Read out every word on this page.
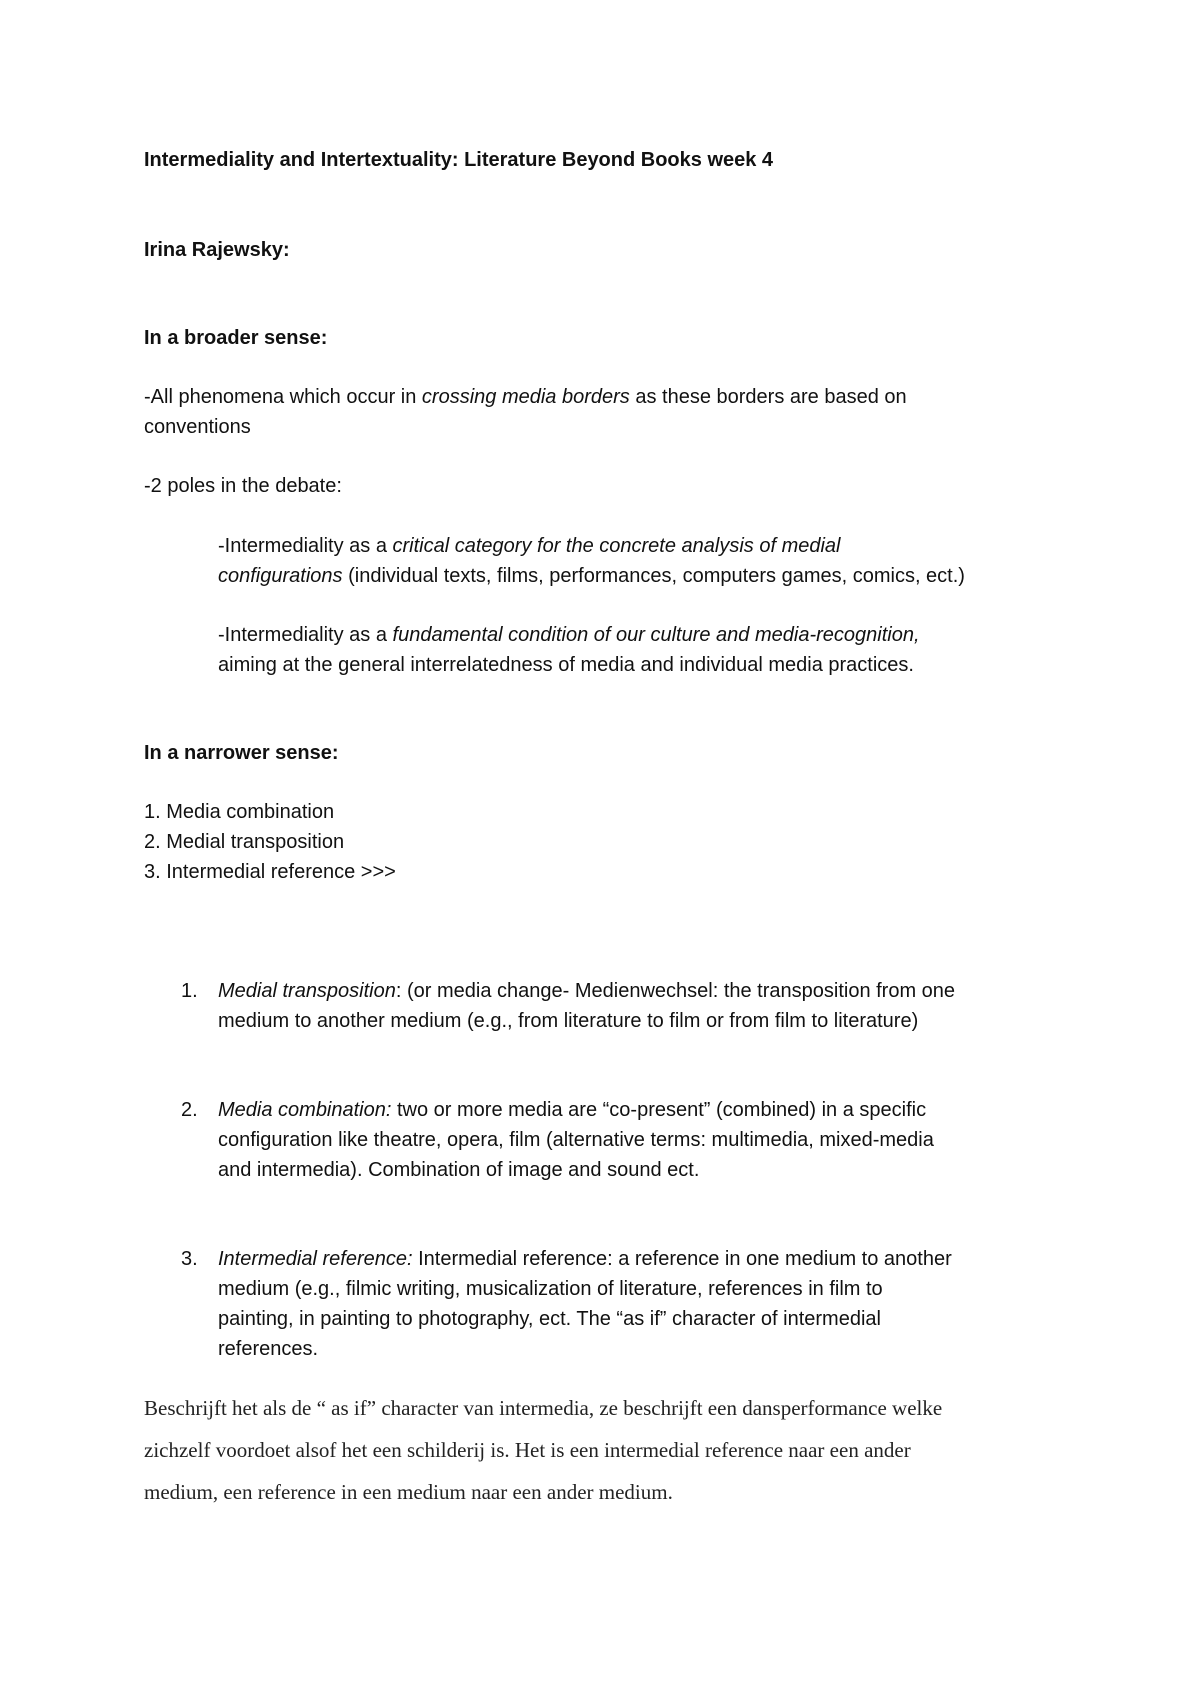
Intermediality and Intertextuality: Literature Beyond Books week 4
Irina Rajewsky:
In a broader sense:
-All phenomena which occur in crossing media borders as these borders are based on
conventions
-2 poles in the debate:
-Intermediality as a critical category for the concrete analysis of medial
configurations (individual texts, films, performances, computers games, comics, ect.)
-Intermediality as a fundamental condition of our culture and media-recognition,
aiming at the general interrelatedness of media and individual media practices.
In a narrower sense:
1. Media combination
2. Medial transposition
3. Intermedial reference >>>
1. Medial transposition: (or media change- Medienwechsel: the transposition from one
medium to another medium (e.g., from literature to film or from film to literature)
2. Media combination: two or more media are “co-present” (combined) in a specific
configuration like theatre, opera, film (alternative terms: multimedia, mixed-media
and intermedia). Combination of image and sound ect.
3. Intermedial reference: Intermedial reference: a reference in one medium to another
medium (e.g., filmic writing, musicalization of literature, references in film to
painting, in painting to photography, ect. The “as if” character of intermedial
references.
Beschrijft het als de “ as if” character van intermedia, ze beschrijft een dansperformance welke
zichzelf voordoet alsof het een schilderij is. Het is een intermedial reference naar een ander
medium, een reference in een medium naar een ander medium.
